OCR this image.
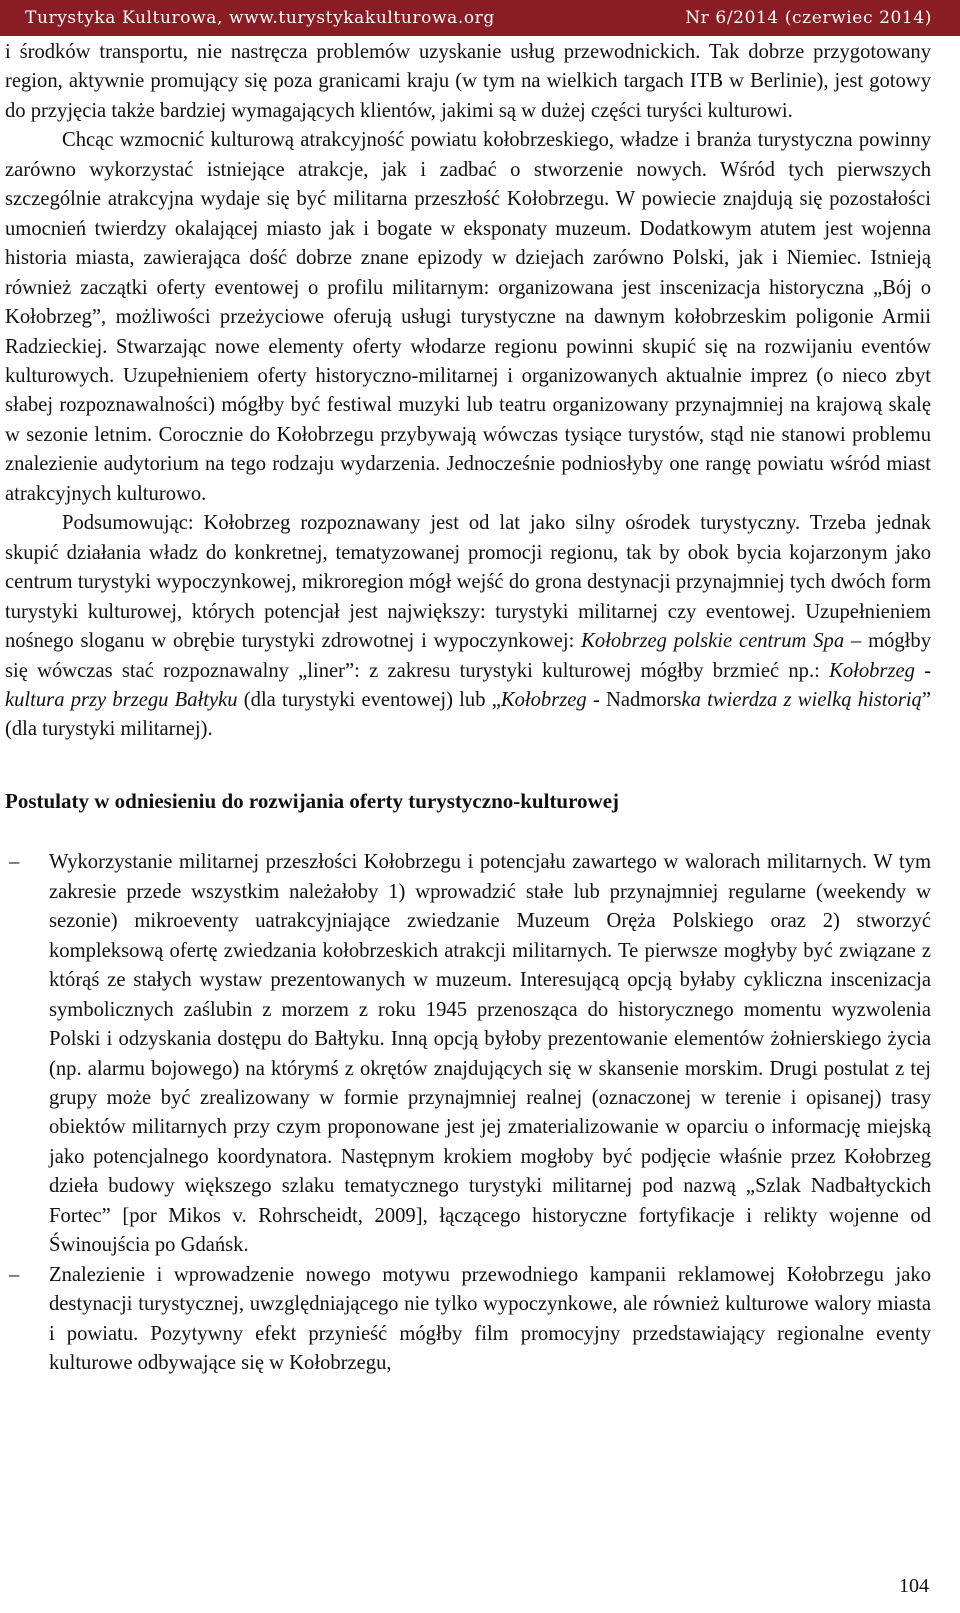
Turystyka Kulturowa, www.turystykakulturowa.org	Nr 6/2014 (czerwiec 2014)

i środków transportu, nie nastręcza problemów uzyskanie usług przewodnickich. Tak dobrze przygotowany region, aktywnie promujący się poza granicami kraju (w tym na wielkich targach ITB w Berlinie), jest gotowy do przyjęcia także bardziej wymagających klientów, jakimi są w dużej części turyści kulturowi.

Chcąc wzmocnić kulturową atrakcyjność powiatu kołobrzeskiego, władze i branża turystyczna powinny zarówno wykorzystać istniejące atrakcje, jak i zadbać o stworzenie nowych. Wśród tych pierwszych szczególnie atrakcyjna wydaje się być militarna przeszłość Kołobrzegu. W powiecie znajdują się pozostałości umocnień twierdzy okalającej miasto jak i bogate w eksponaty muzeum. Dodatkowym atutem jest wojenna historia miasta, zawierająca dość dobrze znane epizody w dziejach zarówno Polski, jak i Niemiec. Istnieją również zaczątki oferty eventowej o profilu militarnym: organizowana jest inscenizacja historyczna „Bój o Kołobrzeg”, możliwości przeżyciowe oferują usługi turystyczne na dawnym kołobrzeskim poligonie Armii Radzieckiej. Stwarzając nowe elementy oferty włodarze regionu powinni skupić się na rozwijaniu eventów kulturowych. Uzupełnieniem oferty historyczno-militarnej i organizowanych aktualnie imprez (o nieco zbyt słabej rozpoznawalności) mógłby być festiwal muzyki lub teatru organizowany przynajmniej na krajową skalę w sezonie letnim. Corocznie do Kołobrzegu przybywają wówczas tysiące turystów, stąd nie stanowi problemu znalezienie audytorium na tego rodzaju wydarzenia. Jednocześnie podniosłyby one rangę powiatu wśród miast atrakcyjnych kulturowo.

Podsumowując: Kołobrzeg rozpoznawany jest od lat jako silny ośrodek turystyczny. Trzeba jednak skupić działania władz do konkretnej, tematyzowanej promocji regionu, tak by obok bycia kojarzonym jako centrum turystyki wypoczynkowej, mikroregion mógł wejść do grona destynacji przynajmniej tych dwóch form turystyki kulturowej, których potencjał jest największy: turystyki militarnej czy eventowej. Uzupełnieniem nośnego sloganu w obrębie turystyki zdrowotnej i wypoczynkowej: Kołobrzeg polskie centrum Spa – mógłby się wówczas stać rozpoznawalny „liner”: z zakresu turystyki kulturowej mógłby brzmieć np.: Kołobrzeg - kultura przy brzegu Bałtyku (dla turystyki eventowej) lub „Kołobrzeg - Nadmorska twierdza z wielką historią” (dla turystyki militarnej).

Postulaty w odniesieniu do rozwijania oferty turystyczno-kulturowej

– Wykorzystanie militarnej przeszłości Kołobrzegu i potencjału zawartego w walorach militarnych. W tym zakresie przede wszystkim należałoby 1) wprowadzić stałe lub przynajmniej regularne (weekendy w sezonie) mikroeventy uatrakcyjniające zwiedzanie Muzeum Oręża Polskiego oraz 2) stworzyć kompleksową ofertę zwiedzania kołobrzeskich atrakcji militarnych. Te pierwsze mogłyby być związane z którąś ze stałych wystaw prezentowanych w muzeum. Interesującą opcją byłaby cykliczna inscenizacja symbolicznych zaślubin z morzem z roku 1945 przenosząca do historycznego momentu wyzwolenia Polski i odzyskania dostępu do Bałtyku. Inną opcją byłoby prezentowanie elementów żołnierskiego życia (np. alarmu bojowego) na którymś z okrętów znajdujących się w skansenie morskim. Drugi postulat z tej grupy może być zrealizowany w formie przynajmniej realnej (oznaczonej w terenie i opisanej) trasy obiektów militarnych przy czym proponowane jest jej zmaterializowanie w oparciu o informację miejską jako potencjalnego koordynatora. Następnym krokiem mogłoby być podjęcie właśnie przez Kołobrzeg dzieła budowy większego szlaku tematycznego turystyki militarnej pod nazwą „Szlak Nadbałtyckich Fortec” [por Mikos v. Rohrscheidt, 2009], łączącego historyczne fortyfikacje i relikty wojenne od Świnoujścia po Gdańsk.
– Znalezienie i wprowadzenie nowego motywu przewodniego kampanii reklamowej Kołobrzegu jako destynacji turystycznej, uwzględniającego nie tylko wypoczynkowe, ale również kulturowe walory miasta i powiatu. Pozytywny efekt przynieść mógłby film promocyjny przedstawiający regionalne eventy kulturowe odbywające się w Kołobrzegu,
104
